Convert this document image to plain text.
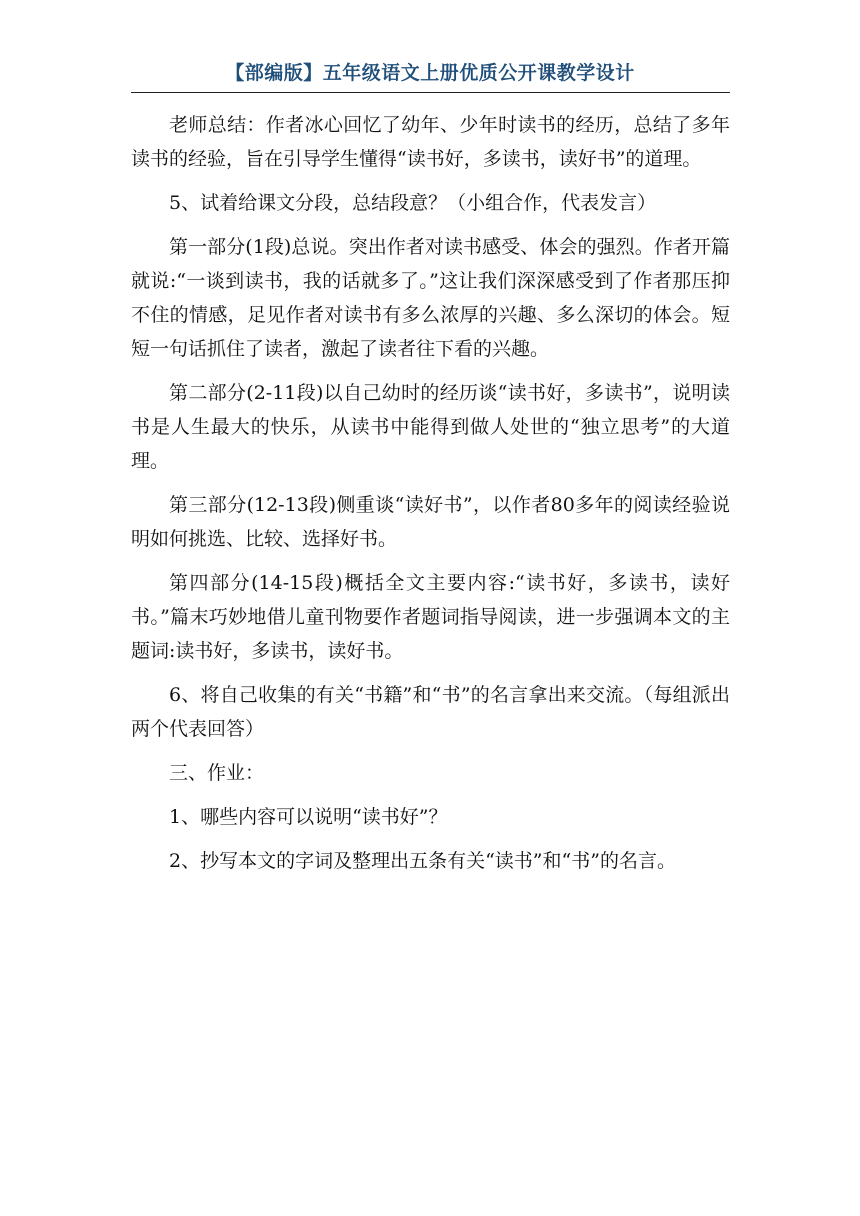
【部编版】五年级语文上册优质公开课教学设计

老师总结：作者冰心回忆了幼年、少年时读书的经历，总结了多年读书的经验，旨在引导学生懂得“读书好，多读书，读好书”的道理。

5、试着给课文分段，总结段意？（小组合作，代表发言）

第一部分(1段)总说。突出作者对读书感受、体会的强烈。作者开篇就说:“一谈到读书，我的话就多了。”这让我们深深感受到了作者那压抑不住的情感，足见作者对读书有多么浓厚的兴趣、多么深切的体会。短短一句话抓住了读者，激起了读者往下看的兴趣。

第二部分(2-11段)以自己幼时的经历谈“读书好，多读书”，说明读书是人生最大的快乐，从读书中能得到做人处世的“独立思考”的大道理。

第三部分(12-13段)侧重谈“读好书”，以作者80多年的阅读经验说明如何挑选、比较、选择好书。

第四部分(14-15段)概括全文主要内容:“读书好，多读书，读好书。”篇末巧妙地借儿童刊物要作者题词指导阅读，进一步强调本文的主题词:读书好，多读书，读好书。

6、将自己收集的有关“书籍”和“书”的名言拿出来交流。（每组派出两个代表回答）

三、作业：

1、哪些内容可以说明“读书好”？

2、抄写本文的字词及整理出五条有关“读书”和“书”的名言。
